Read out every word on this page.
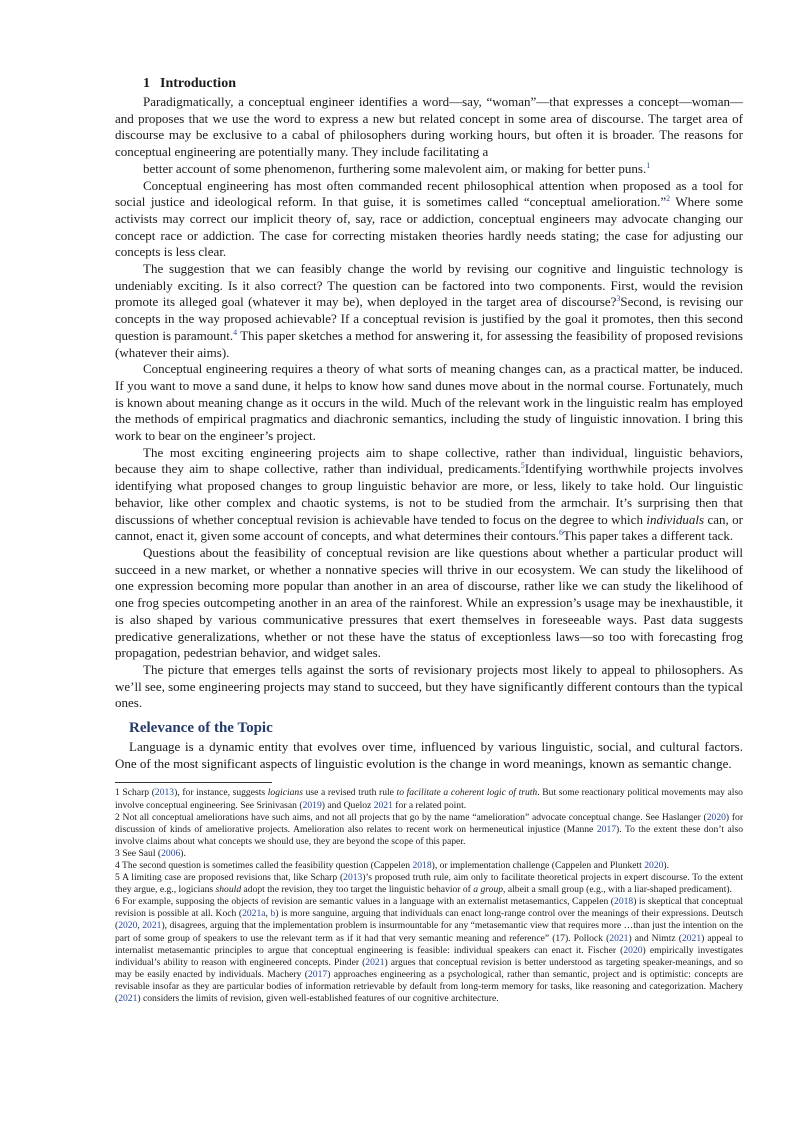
1 Introduction

Paradigmatically, a conceptual engineer identifies a word—say, “woman”—that expresses a concept—woman—and proposes that we use the word to express a new but related concept in some area of discourse. The target area of discourse may be exclusive to a cabal of philosophers during working hours, but often it is broader. The reasons for conceptual engineering are potentially many. They include facilitating a

better account of some phenomenon, furthering some malevolent aim, or making for better puns.$^1$

Conceptual engineering has most often commanded recent philosophical attention when proposed as a tool for social justice and ideological reform. In that guise, it is sometimes called “conceptual amelioration.”$^2$ Where some activists may correct our implicit theory of, say, race or addiction, conceptual engineers may advocate changing our concept race or addiction. The case for correcting mistaken theories hardly needs stating; the case for adjusting our concepts is less clear.

The suggestion that we can feasibly change the world by revising our cognitive and linguistic technology is undeniably exciting. Is it also correct? The question can be factored into two components. First, would the revision promote its alleged goal (whatever it may be), when deployed in the target area of discourse?$^3$Second, is revising our concepts in the way proposed achievable? If a conceptual revision is justified by the goal it promotes, then this second question is paramount.$^4$ This paper sketches a method for answering it, for assessing the feasibility of proposed revisions (whatever their aims).

Conceptual engineering requires a theory of what sorts of meaning changes can, as a practical matter, be induced. If you want to move a sand dune, it helps to know how sand dunes move about in the normal course. Fortunately, much is known about meaning change as it occurs in the wild. Much of the relevant work in the linguistic realm has employed the methods of empirical pragmatics and diachronic semantics, including the study of linguistic innovation. I bring this work to bear on the engineer’s project.

The most exciting engineering projects aim to shape collective, rather than individual, linguistic behaviors, because they aim to shape collective, rather than individual, predicaments.$^5$Identifying worthwhile projects involves identifying what proposed changes to group linguistic behavior are more, or less, likely to take hold. Our linguistic behavior, like other complex and chaotic systems, is not to be studied from the armchair. It’s surprising then that discussions of whether conceptual revision is achievable have tended to focus on the degree to which individuals can, or cannot, enact it, given some account of concepts, and what determines their contours.$^6$This paper takes a different tack.

Questions about the feasibility of conceptual revision are like questions about whether a particular product will succeed in a new market, or whether a nonnative species will thrive in our ecosystem. We can study the likelihood of one expression becoming more popular than another in an area of discourse, rather like we can study the likelihood of one frog species outcompeting another in an area of the rainforest. While an expression’s usage may be inexhaustible, it is also shaped by various communicative pressures that exert themselves in foreseeable ways. Past data suggests predicative generalizations, whether or not these have the status of exceptionless laws—so too with forecasting frog propagation, pedestrian behavior, and widget sales.

The picture that emerges tells against the sorts of revisionary projects most likely to appeal to philosophers. As we’ll see, some engineering projects may stand to succeed, but they have significantly different contours than the typical ones.

Relevance of the Topic

Language is a dynamic entity that evolves over time, influenced by various linguistic, social, and cultural factors. One of the most significant aspects of linguistic evolution is the change in word meanings, known as semantic change.

1 Scharp (2013), for instance, suggests logicians use a revised truth rule to facilitate a coherent logic of truth. But some reactionary political movements may also involve conceptual engineering. See Srinivasan (2019) and Queloz 2021 for a related point.

2 Not all conceptual ameliorations have such aims, and not all projects that go by the name “amelioration” advocate conceptual change. See Haslanger (2020) for discussion of kinds of ameliorative projects. Amelioration also relates to recent work on hermeneutical injustice (Manne 2017). To the extent these don’t also involve claims about what concepts we should use, they are beyond the scope of this paper.

3 See Saul (2006).

4 The second question is sometimes called the feasibility question (Cappelen 2018), or implementation challenge (Cappelen and Plunkett 2020).

5 A limiting case are proposed revisions that, like Scharp (2013)’s proposed truth rule, aim only to facilitate theoretical projects in expert discourse. To the extent they argue, e.g., logicians should adopt the revision, they too target the linguistic behavior of a group, albeit a small group (e.g., with a liar-shaped predicament).

6 For example, supposing the objects of revision are semantic values in a language with an externalist metasemantics, Cappelen (2018) is skeptical that conceptual revision is possible at all. Koch (2021a, b) is more sanguine, arguing that individuals can enact long-range control over the meanings of their expressions. Deutsch (2020, 2021), disagrees, arguing that the implementation problem is insurmountable for any “metasemantic view that requires more …than just the intention on the part of some group of speakers to use the relevant term as if it had that very semantic meaning and reference” (17). Pollock (2021) and Nimtz (2021) appeal to internalist metasemantic principles to argue that conceptual engineering is feasible: individual speakers can enact it. Fischer (2020) empirically investigates individual’s ability to reason with engineered concepts. Pinder (2021) argues that conceptual revision is better understood as targeting speaker-meanings, and so may be easily enacted by individuals. Machery (2017) approaches engineering as a psychological, rather than semantic, project and is optimistic: concepts are revisable insofar as they are particular bodies of information retrievable by default from long-term memory for tasks, like reasoning and categorization. Machery (2021) considers the limits of revision, given well-established features of our cognitive architecture.
